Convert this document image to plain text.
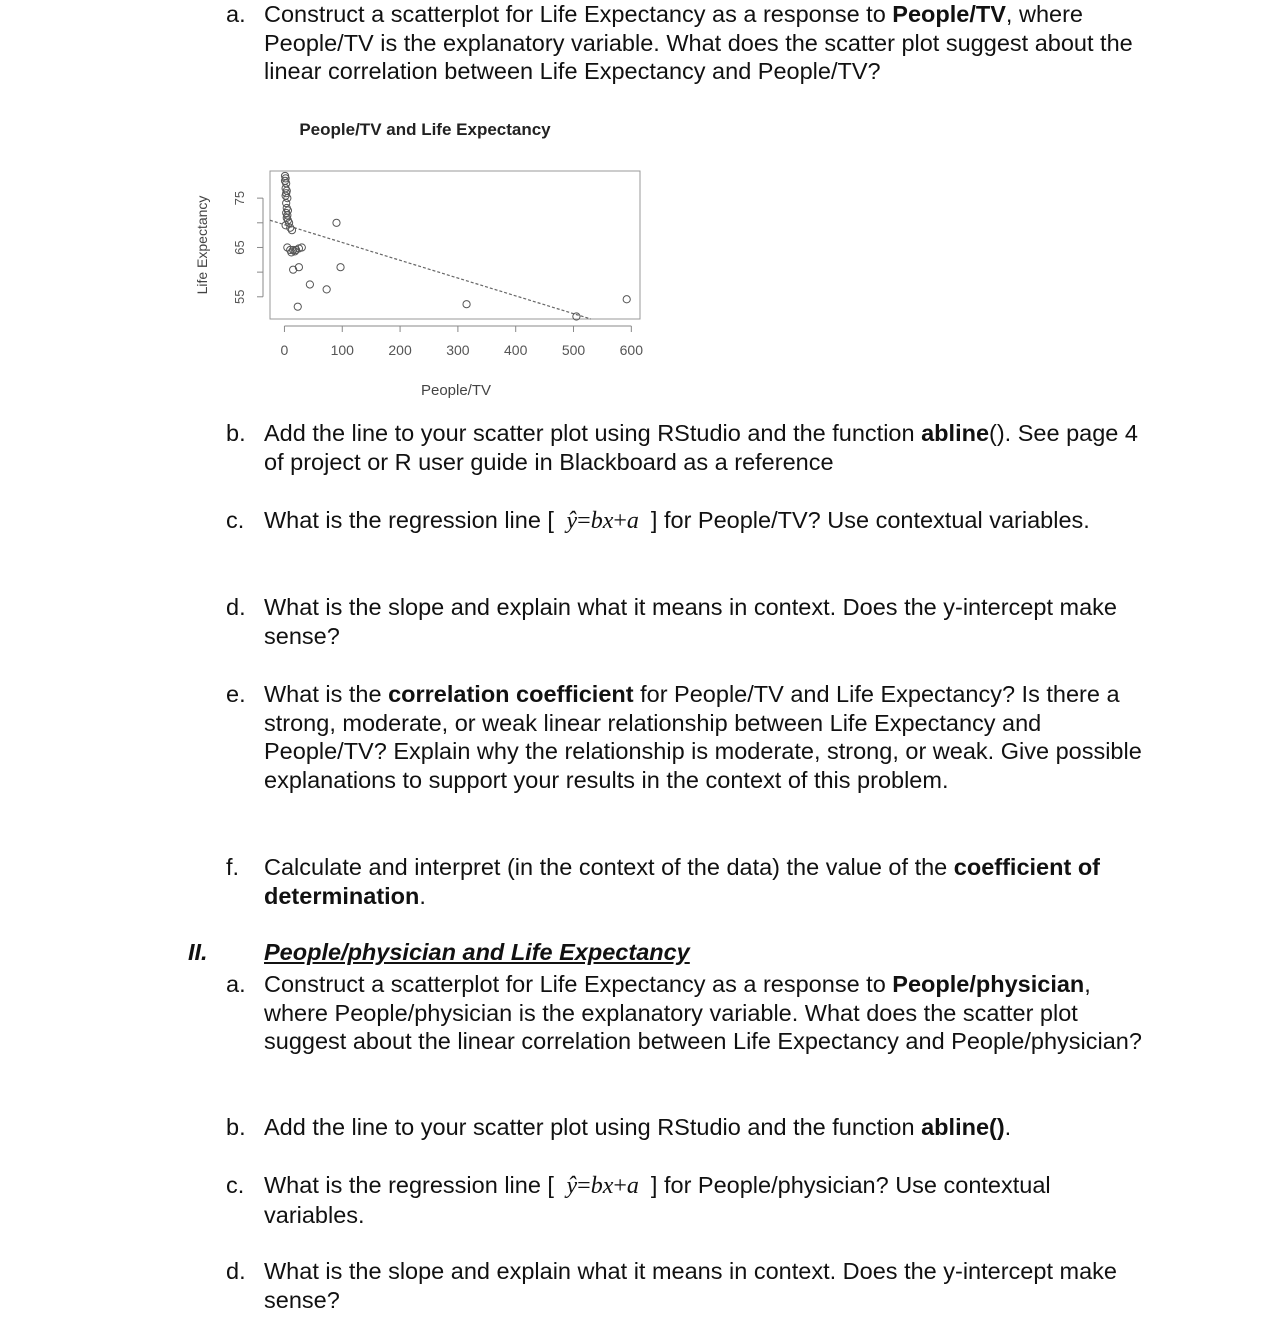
a. Construct a scatterplot for Life Expectancy as a response to People/TV, where People/TV is the explanatory variable. What does the scatter plot suggest about the linear correlation between Life Expectancy and People/TV?
People/TV and Life Expectancy
0	100 200 300 400 500 600
55
65
75
People/TV
Life Expectancy
b. Add the line to your scatter plot using RStudio and the function abline(). See page 4 of project or R user guide in Blackboard as a reference
c. What is the regression line [  ŷ=bx+a ] for People/TV? Use contextual variables.
d. What is the slope and explain what it means in context. Does the y-intercept make sense?
e. What is the correlation coefficient for People/TV and Life Expectancy? Is there a strong, moderate, or weak linear relationship between Life Expectancy and People/TV? Explain why the relationship is moderate, strong, or weak. Give possible explanations to support your results in the context of this problem.
f.	Calculate and interpret (in the context of the data) the value of the coefficient of determination.
II.	People/physician and Life Expectancy
a. Construct a scatterplot for Life Expectancy as a response to People/physician, where People/physician is the explanatory variable. What does the scatter plot suggest about the linear correlation between Life Expectancy and People/physician?
b. Add the line to your scatter plot using RStudio and the function abline().
c. What is the regression line [  ŷ=bx+a ] for People/physician? Use contextual variables.
d. What is the slope and explain what it means in context. Does the y-intercept make sense?
